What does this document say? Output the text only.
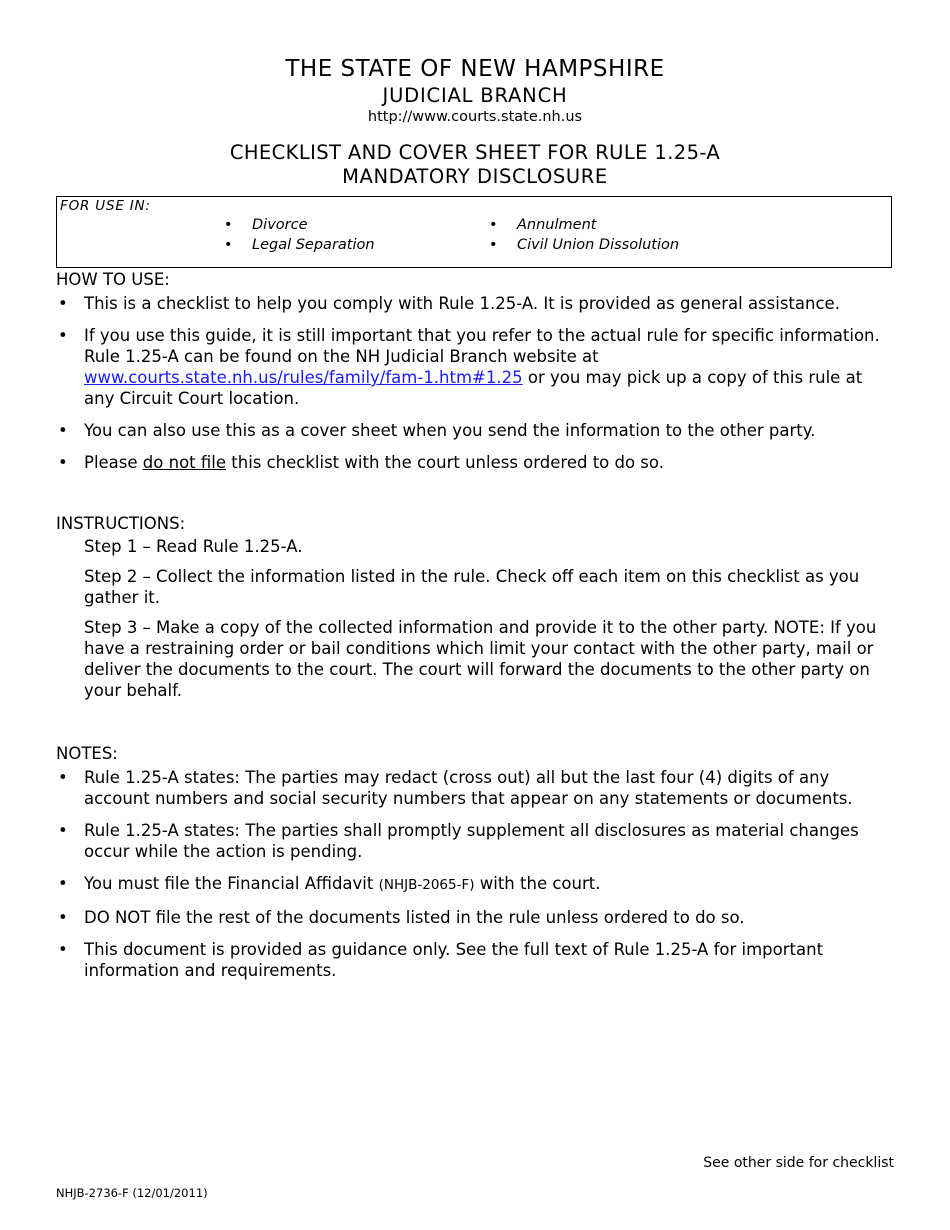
THE STATE OF NEW HAMPSHIRE
JUDICIAL BRANCH
http://www.courts.state.nh.us
CHECKLIST AND COVER SHEET FOR RULE 1.25-A
MANDATORY DISCLOSURE
FOR USE IN:
• Divorce
• Legal Separation
• Annulment
• Civil Union Dissolution
HOW TO USE:
• This is a checklist to help you comply with Rule 1.25-A. It is provided as general assistance.
• If you use this guide, it is still important that you refer to the actual rule for specific information. Rule 1.25-A can be found on the NH Judicial Branch website at www.courts.state.nh.us/rules/family/fam-1.htm#1.25 or you may pick up a copy of this rule at any Circuit Court location.
• You can also use this as a cover sheet when you send the information to the other party.
• Please do not file this checklist with the court unless ordered to do so.
INSTRUCTIONS:

Step 1 – Read Rule 1.25-A.

Step 2 – Collect the information listed in the rule. Check off each item on this checklist as you gather it.

Step 3 – Make a copy of the collected information and provide it to the other party. NOTE: If you have a restraining order or bail conditions which limit your contact with the other party, mail or deliver the documents to the court. The court will forward the documents to the other party on your behalf.

NOTES:
• Rule 1.25-A states: The parties may redact (cross out) all but the last four (4) digits of any account numbers and social security numbers that appear on any statements or documents.
• Rule 1.25-A states: The parties shall promptly supplement all disclosures as material changes occur while the action is pending.
• You must file the Financial Affidavit (NHJB-2065-F) with the court.
• DO NOT file the rest of the documents listed in the rule unless ordered to do so.
• This document is provided as guidance only. See the full text of Rule 1.25-A for important information and requirements.
See other side for checklist
NHJB-2736-F (12/01/2011)
